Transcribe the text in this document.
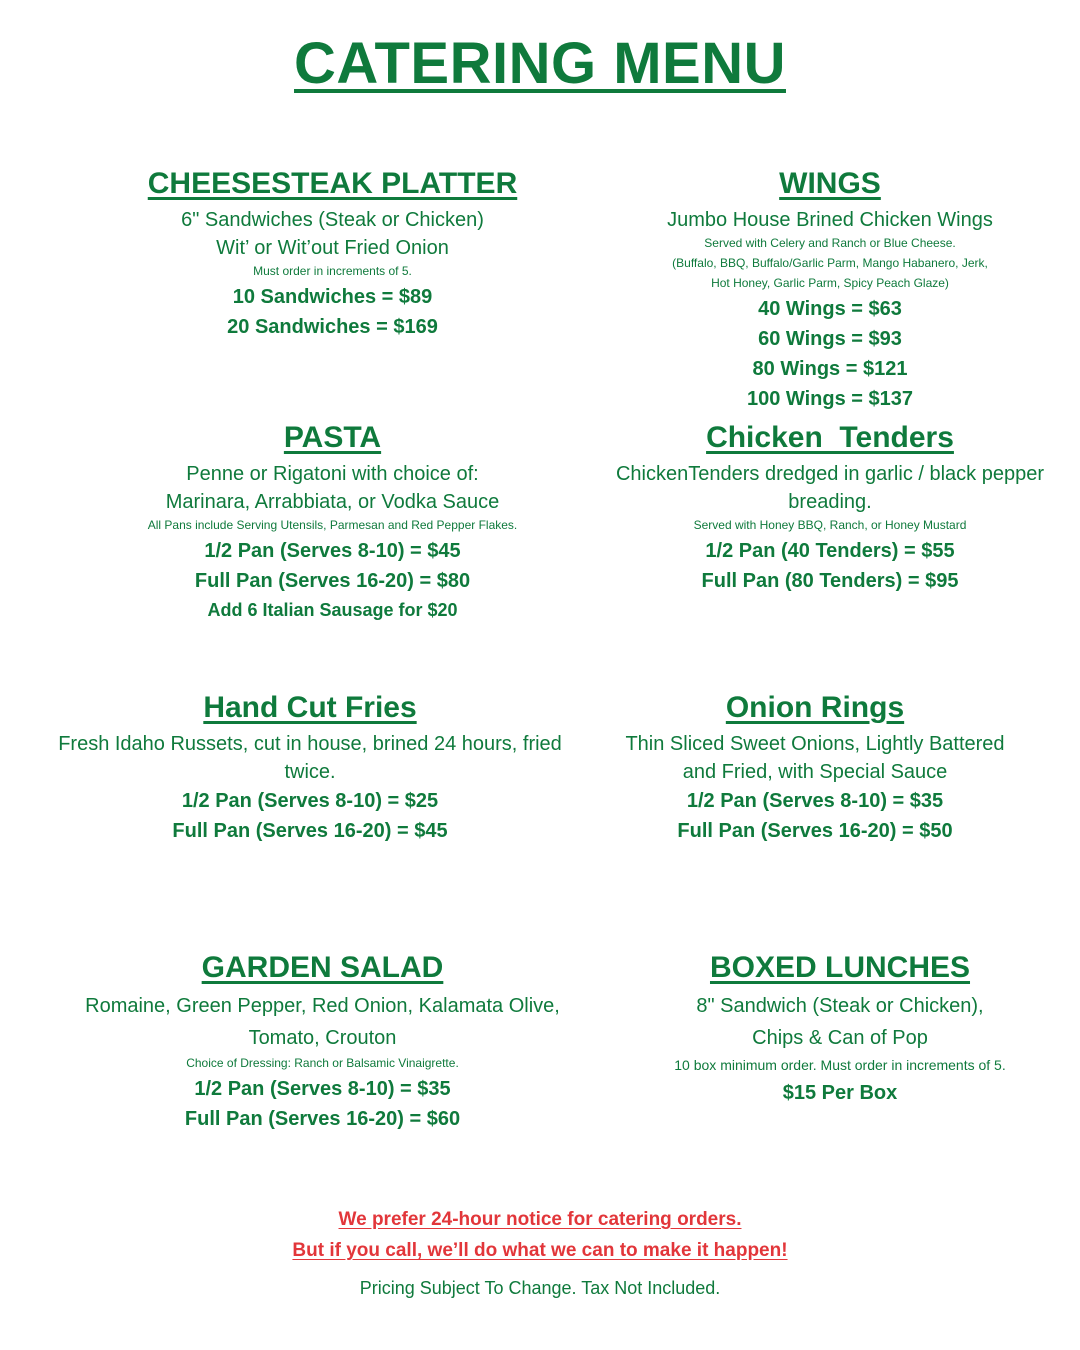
CATERING MENU
CHEESESTEAK PLATTER

6" Sandwiches (Steak or Chicken)

Wit’ or Wit’out Fried Onion

Must order in increments of 5.

10 Sandwiches = $89

20 Sandwiches = $169

WINGS

Jumbo House Brined Chicken Wings

Served with Celery and Ranch or Blue Cheese.

(Buffalo, BBQ, Buffalo/Garlic Parm, Mango Habanero, Jerk,

Hot Honey, Garlic Parm, Spicy Peach Glaze)

40 Wings = $63

60 Wings = $93

80 Wings = $121

100 Wings = $137

PASTA

Penne or Rigatoni with choice of:

Marinara, Arrabbiata, or Vodka Sauce

All Pans include Serving Utensils, Parmesan and Red Pepper Flakes.

1/2 Pan (Serves 8-10) = $45

Full Pan (Serves 16-20) = $80

Add 6 Italian Sausage for $20

Chicken  Tenders

ChickenTenders dredged in garlic / black pepper

breading.

Served with Honey BBQ, Ranch, or Honey Mustard

1/2 Pan (40 Tenders) = $55

Full Pan (80 Tenders) = $95

Hand Cut Fries

Fresh Idaho Russets, cut in house, brined 24 hours, fried

twice.

1/2 Pan (Serves 8-10) = $25

Full Pan (Serves 16-20) = $45

Onion Rings

Thin Sliced Sweet Onions, Lightly Battered

and Fried, with Special Sauce

1/2 Pan (Serves 8-10) = $35

Full Pan (Serves 16-20) = $50

GARDEN SALAD

Romaine, Green Pepper, Red Onion, Kalamata Olive,

Tomato, Crouton

Choice of Dressing: Ranch or Balsamic Vinaigrette.

1/2 Pan (Serves 8-10) = $35

Full Pan (Serves 16-20) = $60

BOXED LUNCHES

8" Sandwich (Steak or Chicken),

Chips & Can of Pop

10 box minimum order. Must order in increments of 5.

$15 Per Box

We prefer 24-hour notice for catering orders.
But if you call, we’ll do what we can to make it happen!
Pricing Subject To Change. Tax Not Included.
